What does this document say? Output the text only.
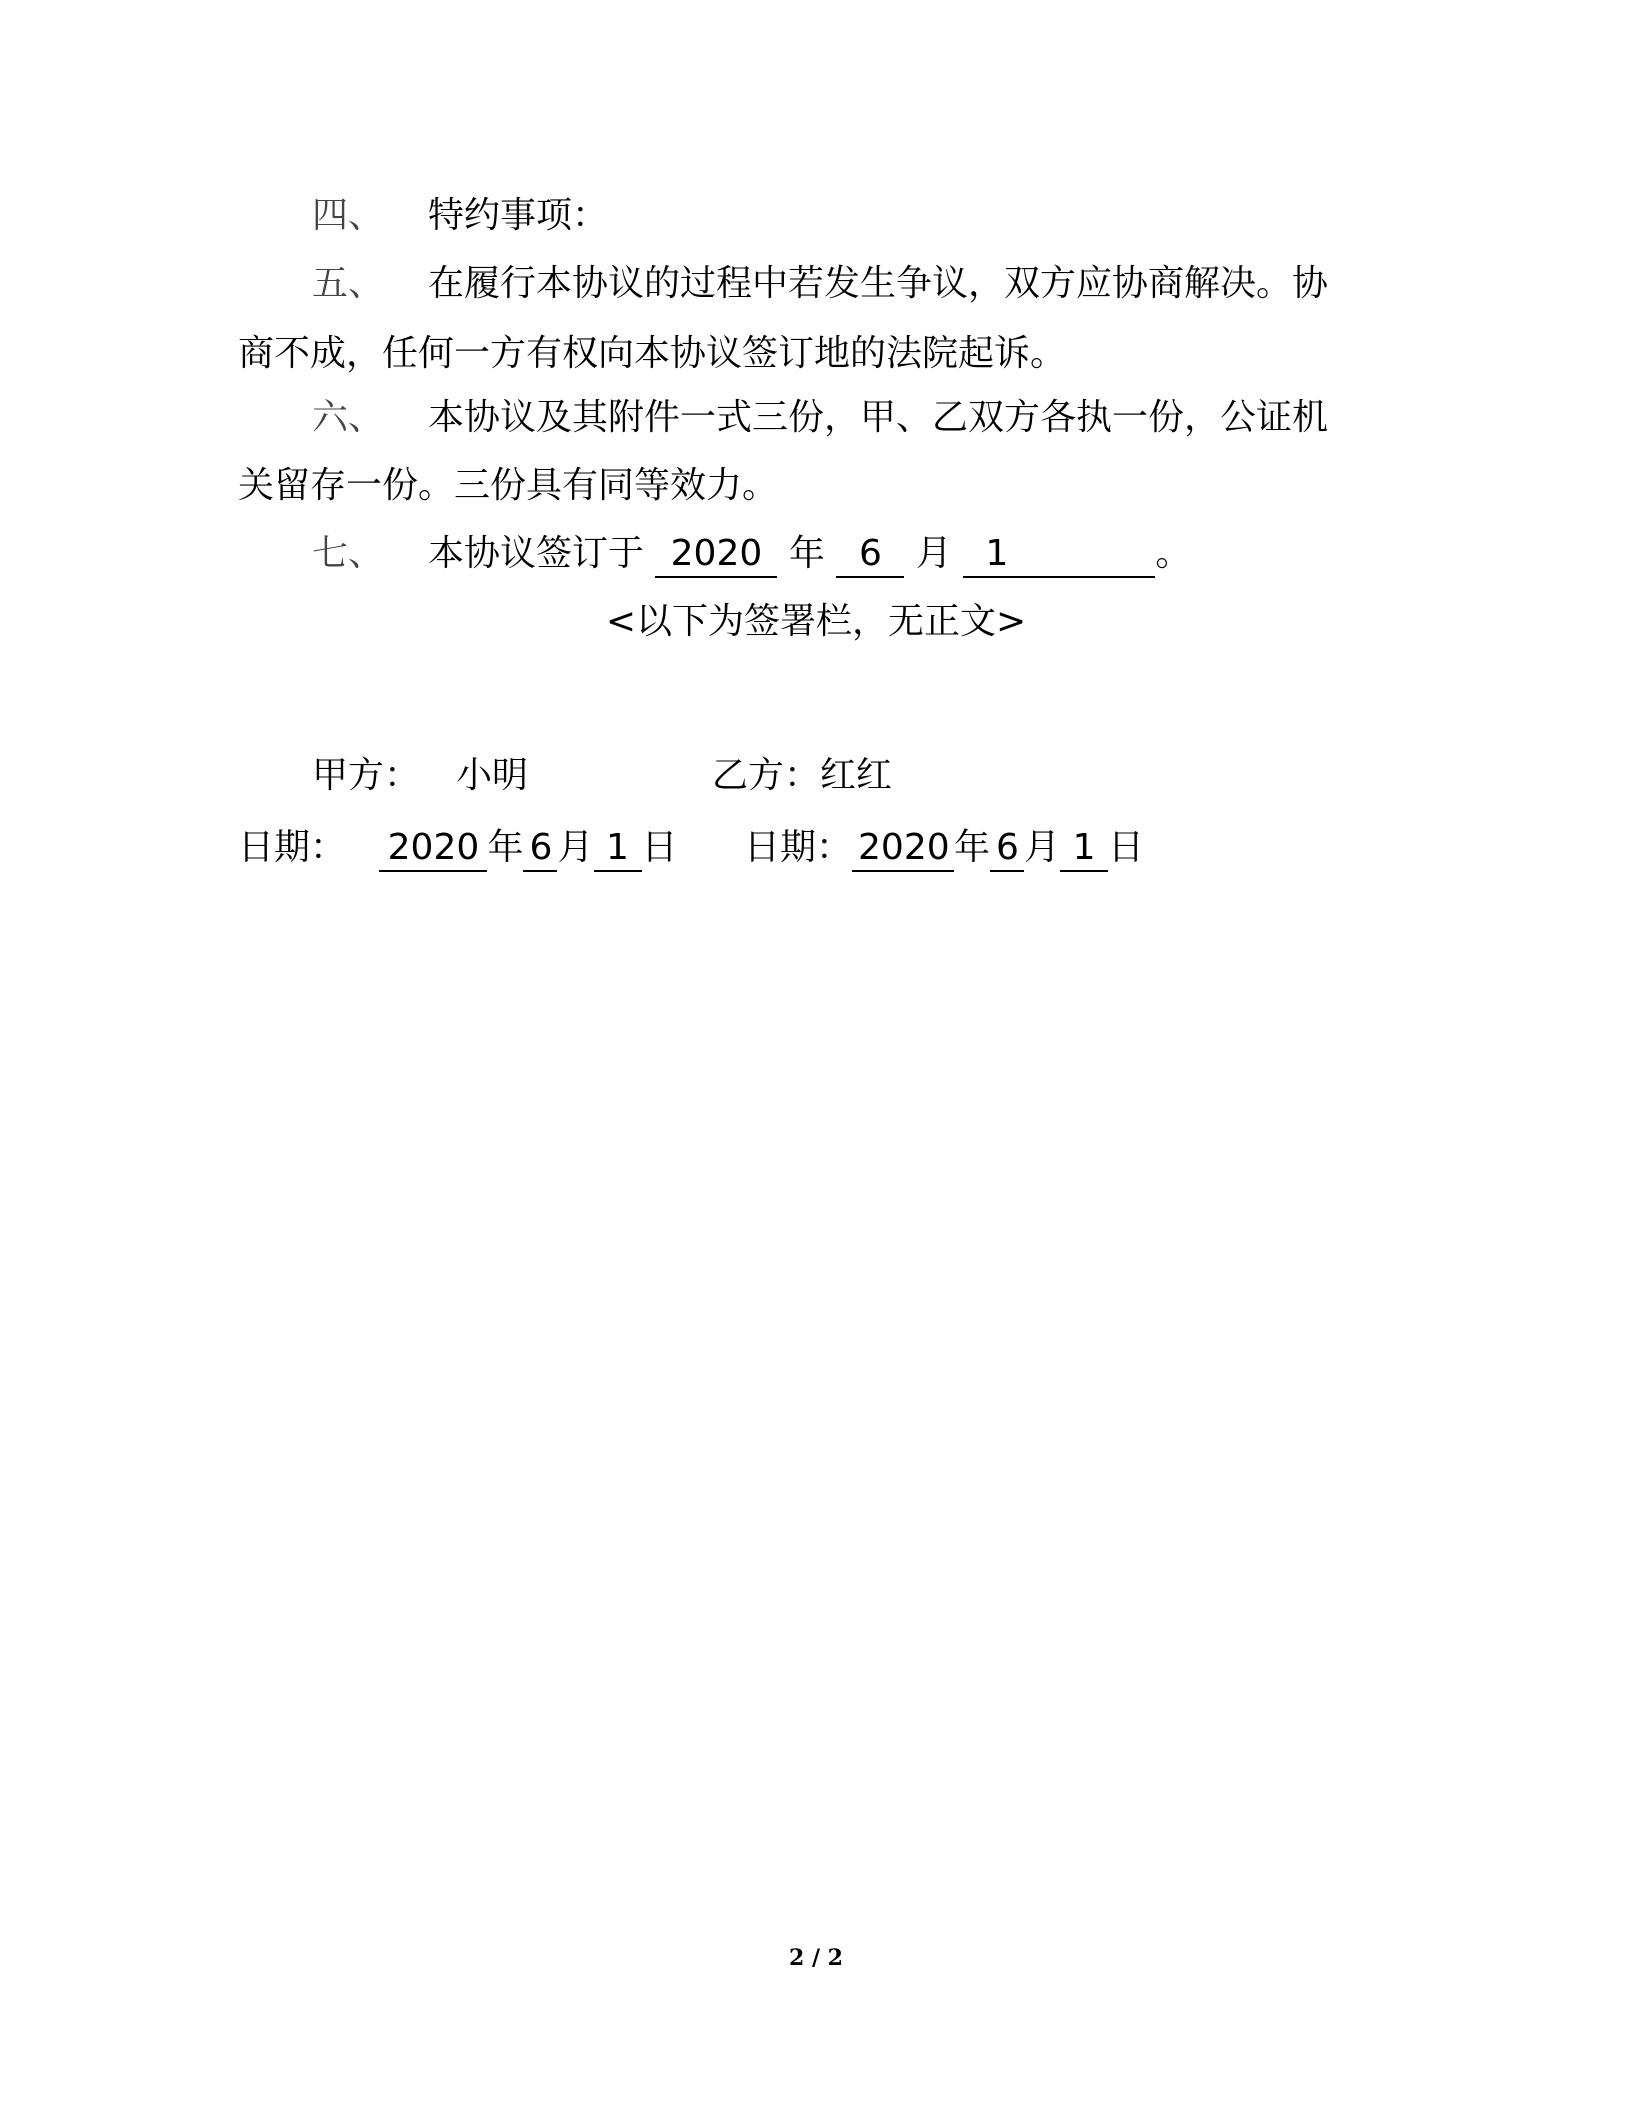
四、 特约事项：
五、 在履行本协议的过程中若发生争议，双方应协商解决。协
商不成，任何一方有权向本协议签订地的法院起诉。
六、 本协议及其附件一式三份，甲、乙双方各执一份，公证机
关留存一份。三份具有同等效力。
七、 本协议签订于 2020 年 6 月 1	。
<以下为签署栏，无正文>
甲方： 小明	乙方：红红
日期： 2020 年 6 月 1 日 日期： 2020 年 6 月 1 日
2 / 2
